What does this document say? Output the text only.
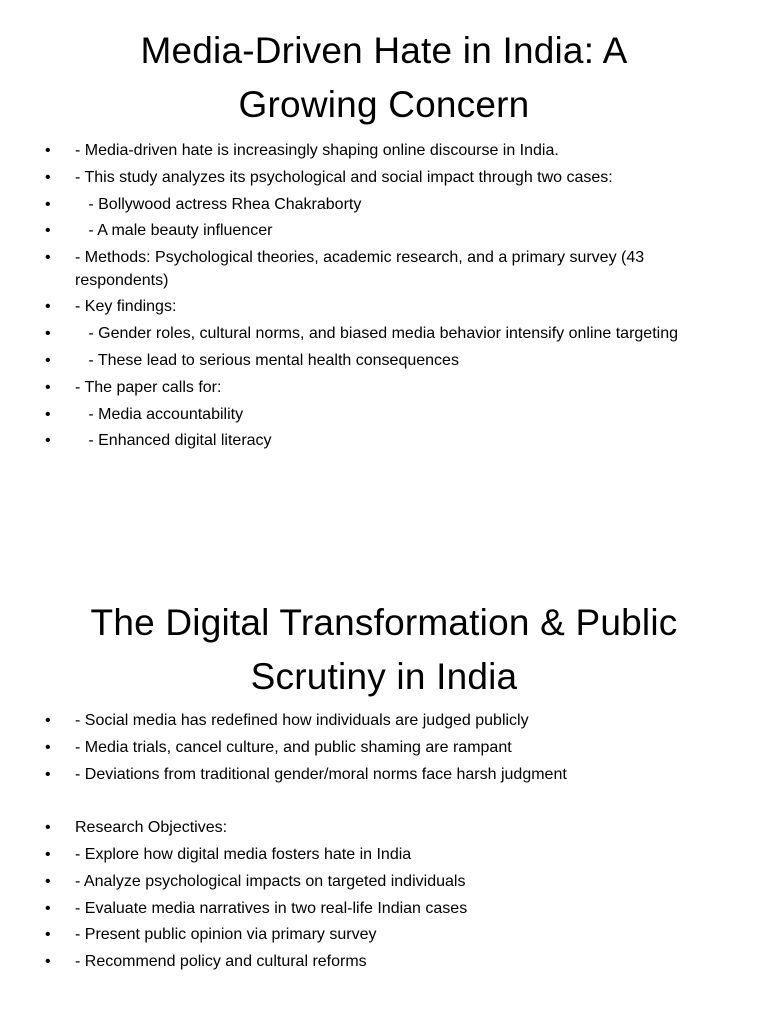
Media-Driven Hate in India: A Growing Concern
• - Media-driven hate is increasingly shaping online discourse in India.
• - This study analyzes its psychological and social impact through two cases:
•    - Bollywood actress Rhea Chakraborty
•    - A male beauty influencer
• - Methods: Psychological theories, academic research, and a primary survey (43 respondents)
• - Key findings:
•    - Gender roles, cultural norms, and biased media behavior intensify online targeting
•    - These lead to serious mental health consequences
• - The paper calls for:
•    - Media accountability
•    - Enhanced digital literacy
The Digital Transformation & Public Scrutiny in India
• - Social media has redefined how individuals are judged publicly
• - Media trials, cancel culture, and public shaming are rampant
• - Deviations from traditional gender/moral norms face harsh judgment
• Research Objectives:
• - Explore how digital media fosters hate in India
• - Analyze psychological impacts on targeted individuals
• - Evaluate media narratives in two real-life Indian cases
• - Present public opinion via primary survey
• - Recommend policy and cultural reforms
